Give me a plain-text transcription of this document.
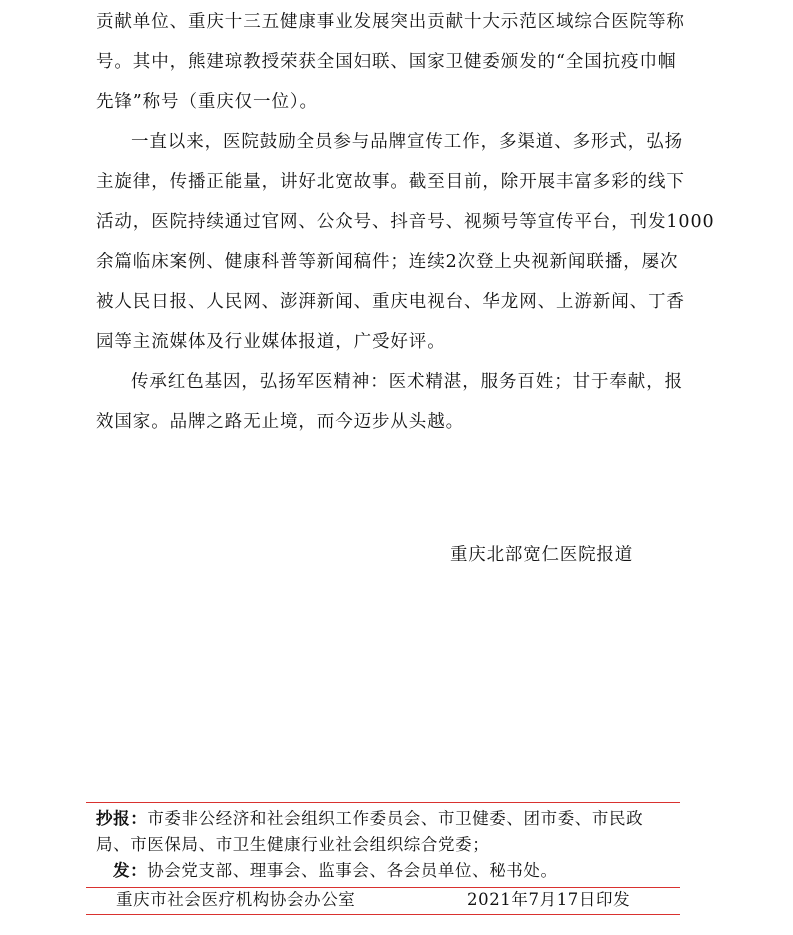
贡献单位、重庆十三五健康事业发展突出贡献十大示范区域综合医院等称
号。其中，熊建琼教授荣获全国妇联、国家卫健委颁发的“全国抗疫巾帼
先锋”称号（重庆仅一位）。
一直以来，医院鼓励全员参与品牌宣传工作，多渠道、多形式，弘扬
主旋律，传播正能量，讲好北宽故事。截至目前，除开展丰富多彩的线下
活动，医院持续通过官网、公众号、抖音号、视频号等宣传平台，刊发1000
余篇临床案例、健康科普等新闻稿件；连续2次登上央视新闻联播，屡次
被人民日报、人民网、澎湃新闻、重庆电视台、华龙网、上游新闻、丁香
园等主流媒体及行业媒体报道，广受好评。
传承红色基因，弘扬军医精神：医术精湛，服务百姓；甘于奉献，报
效国家。品牌之路无止境，而今迈步从头越。
重庆北部宽仁医院报道
抄报：市委非公经济和社会组织工作委员会、市卫健委、团市委、市民政
局、市医保局、市卫生健康行业社会组织综合党委；
发：协会党支部、理事会、监事会、各会员单位、秘书处。
重庆市社会医疗机构协会办公室	2021年7月17日印发
